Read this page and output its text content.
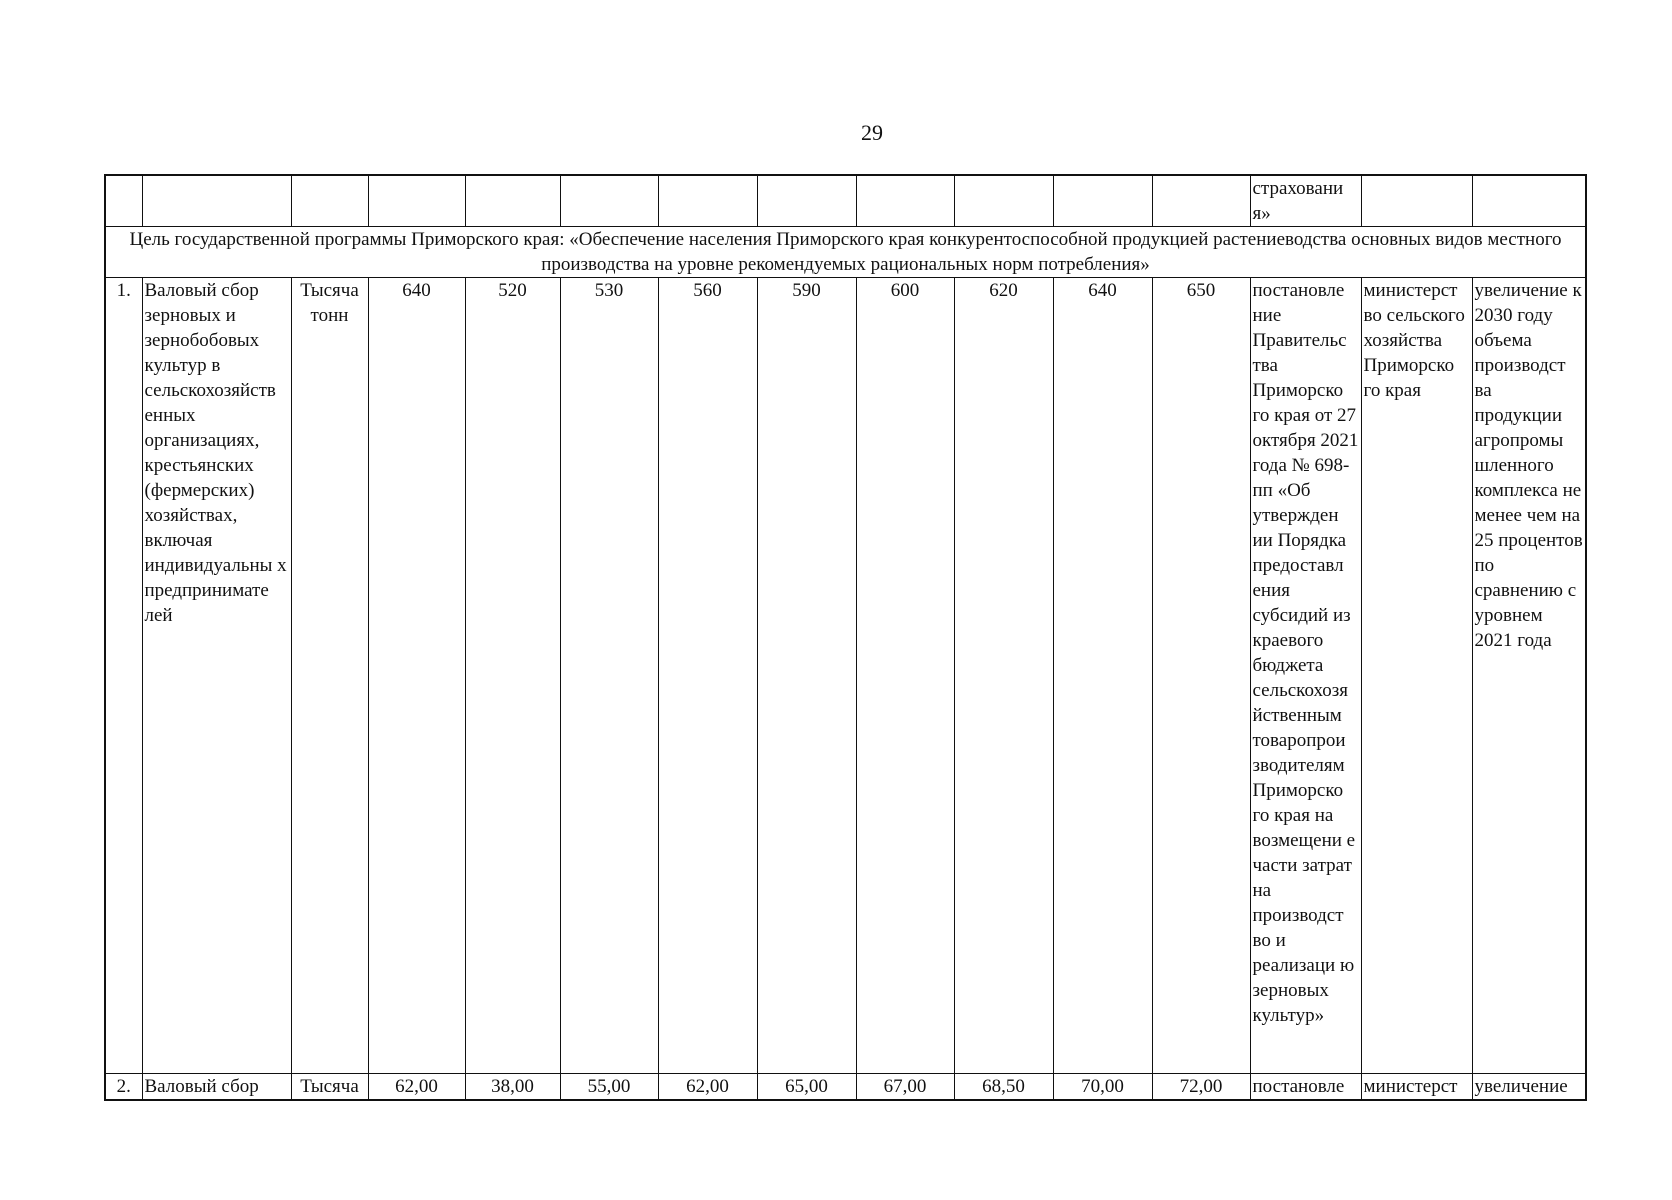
29
												страховани я»		
Цель государственной программы Приморского края: «Обеспечение населения Приморского края конкурентоспособной продукцией растениеводства основных видов местного производства на уровне рекомендуемых рациональных норм потребления»														
1.	Валовый сбор зерновых и зернобобовых культур в сельскохозяйств енных организациях, крестьянских (фермерских) хозяйствах, включая индивидуальны х предпринимате лей	Тысяча тонн	640	520	530	560	590	600	620	640	650	постановле ние Правительс тва Приморско го края от 27 октября 2021 года № 698-пп «Об утвержден ии Порядка предоставл ения субсидий из краевого бюджета сельскохозя йственным товаропрои зводителям Приморско го края на возмещени е части затрат на производст во и реализаци ю зерновых культур»	министерст во сельского хозяйства Приморско го края	увеличение к 2030 году объема производст ва продукции агропромы шленного комплекса не менее чем на 25 процентов по сравнению с уровнем 2021 года
2.	Валовый сбор	Тысяча	62,00	38,00	55,00	62,00	65,00	67,00	68,50	70,00	72,00	постановле	министерст	увеличение
